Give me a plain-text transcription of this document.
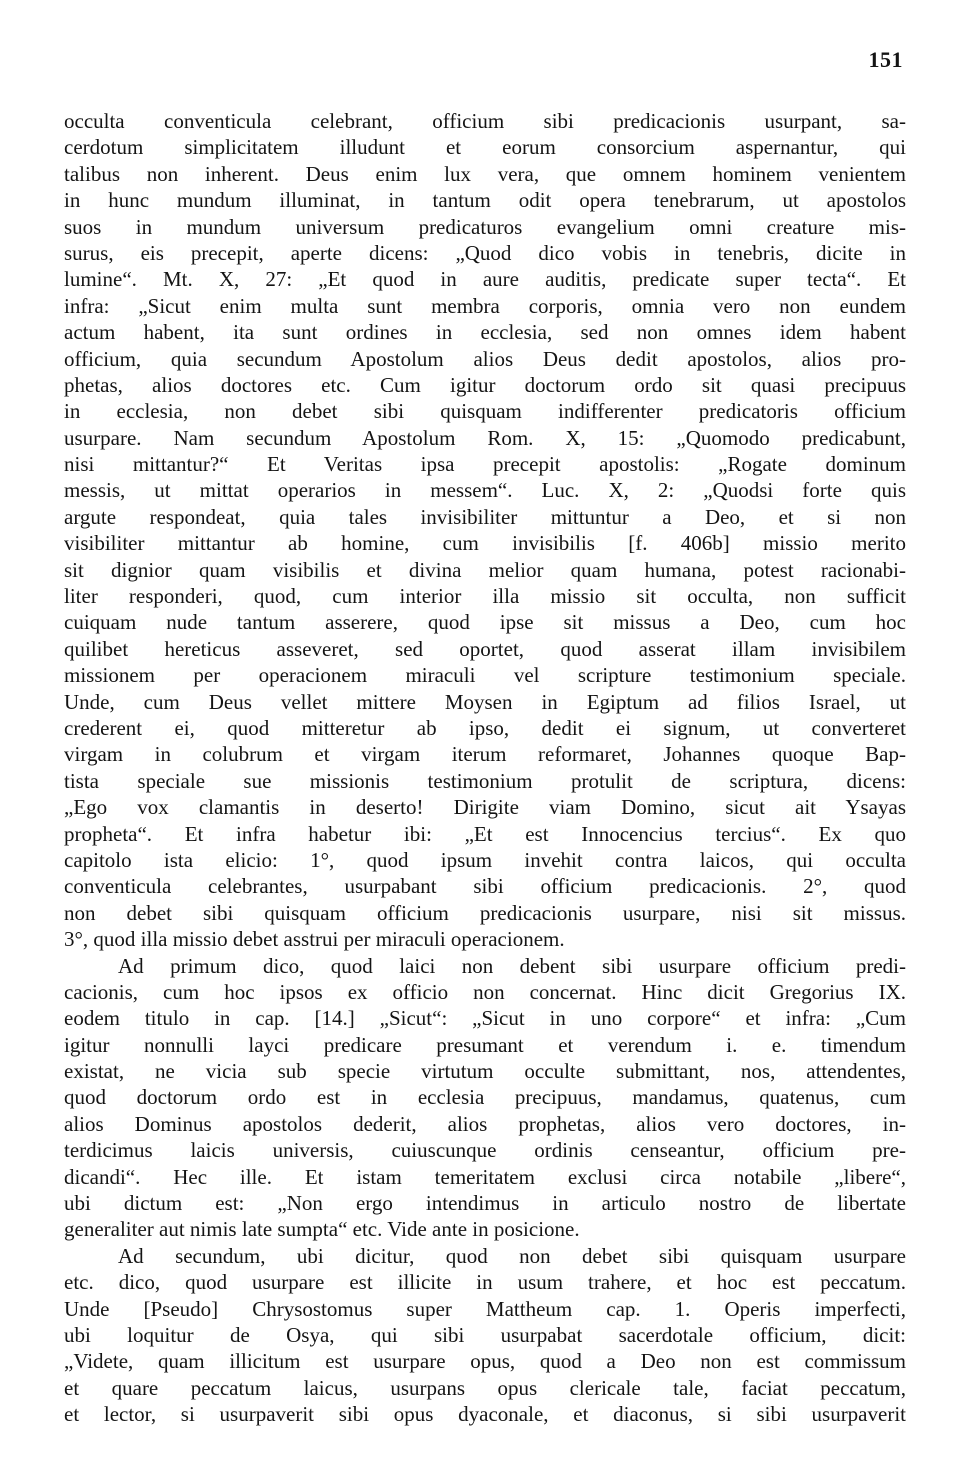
151
occulta conventicula celebrant, officium sibi predicacionis usurpant, sa-
cerdotum simplicitatem illudunt et eorum consorcium aspernantur, qui
talibus non inherent. Deus enim lux vera, que omnem hominem venientem
in hunc mundum illuminat, in tantum odit opera tenebrarum, ut apostolos
suos in mundum universum predicaturos evangelium omni creature mis-
surus, eis precepit, aperte dicens: „Quod dico vobis in tenebris, dicite in
lumine“. Mt. X, 27: „Et quod in aure auditis, predicate super tecta“. Et
infra: „Sicut enim multa sunt membra corporis, omnia vero non eundem
actum habent, ita sunt ordines in ecclesia, sed non omnes idem habent
officium, quia secundum Apostolum alios Deus dedit apostolos, alios pro-
phetas, alios doctores etc. Cum igitur doctorum ordo sit quasi precipuus
in ecclesia, non debet sibi quisquam indifferenter predicatoris officium
usurpare. Nam secundum Apostolum Rom. X, 15: „Quomodo predicabunt,
nisi mittantur?“ Et Veritas ipsa precepit apostolis: „Rogate dominum
messis, ut mittat operarios in messem“. Luc. X, 2: „Quodsi forte quis
argute respondeat, quia tales invisibiliter mittuntur a Deo, et si non
visibiliter mittantur ab homine, cum invisibilis [f. 406b] missio merito
sit dignior quam visibilis et divina melior quam humana, potest racionabi-
liter responderi, quod, cum interior illa missio sit occulta, non sufficit
cuiquam nude tantum asserere, quod ipse sit missus a Deo, cum hoc
quilibet hereticus asseveret, sed oportet, quod asserat illam invisibilem
missionem per operacionem miraculi vel scripture testimonium speciale.
Unde, cum Deus vellet mittere Moysen in Egiptum ad filios Israel, ut
crederent ei, quod mitteretur ab ipso, dedit ei signum, ut converteret
virgam in colubrum et virgam iterum reformaret, Johannes quoque Bap-
tista speciale sue missionis testimonium protulit de scriptura, dicens:
„Ego vox clamantis in deserto! Dirigite viam Domino, sicut ait Ysayas
propheta“. Et infra habetur ibi: „Et est Innocencius tercius“. Ex quo
capitolo ista elicio: 1°, quod ipsum invehit contra laicos, qui occulta
conventicula celebrantes, usurpabant sibi officium predicacionis. 2°, quod
non debet sibi quisquam officium predicacionis usurpare, nisi sit missus.
3°, quod illa missio debet asstrui per miraculi operacionem.
Ad primum dico, quod laici non debent sibi usurpare officium predi-
cacionis, cum hoc ipsos ex officio non concernat. Hinc dicit Gregorius IX.
eodem titulo in cap. [14.] „Sicut“: „Sicut in uno corpore“ et infra: „Cum
igitur nonnulli layci predicare presumant et verendum i. e. timendum
existat, ne vicia sub specie virtutum occulte submittant, nos, attendentes,
quod doctorum ordo est in ecclesia precipuus, mandamus, quatenus, cum
alios Dominus apostolos dederit, alios prophetas, alios vero doctores, in-
terdicimus laicis universis, cuiuscunque ordinis censeantur, officium pre-
dicandi“. Hec ille. Et istam temeritatem exclusi circa notabile „libere“,
ubi dictum est: „Non ergo intendimus in articulo nostro de libertate
generaliter aut nimis late sumpta“ etc. Vide ante in posicione.
Ad secundum, ubi dicitur, quod non debet sibi quisquam usurpare
etc. dico, quod usurpare est illicite in usum trahere, et hoc est peccatum.
Unde [Pseudo] Chrysostomus super Mattheum cap. 1. Operis imperfecti,
ubi loquitur de Osya, qui sibi usurpabat sacerdotale officium, dicit:
„Videte, quam illicitum est usurpare opus, quod a Deo non est commissum
et quare peccatum laicus, usurpans opus clericale tale, faciat peccatum,
et lector, si usurpaverit sibi opus dyaconale, et diaconus, si sibi usurpaverit
